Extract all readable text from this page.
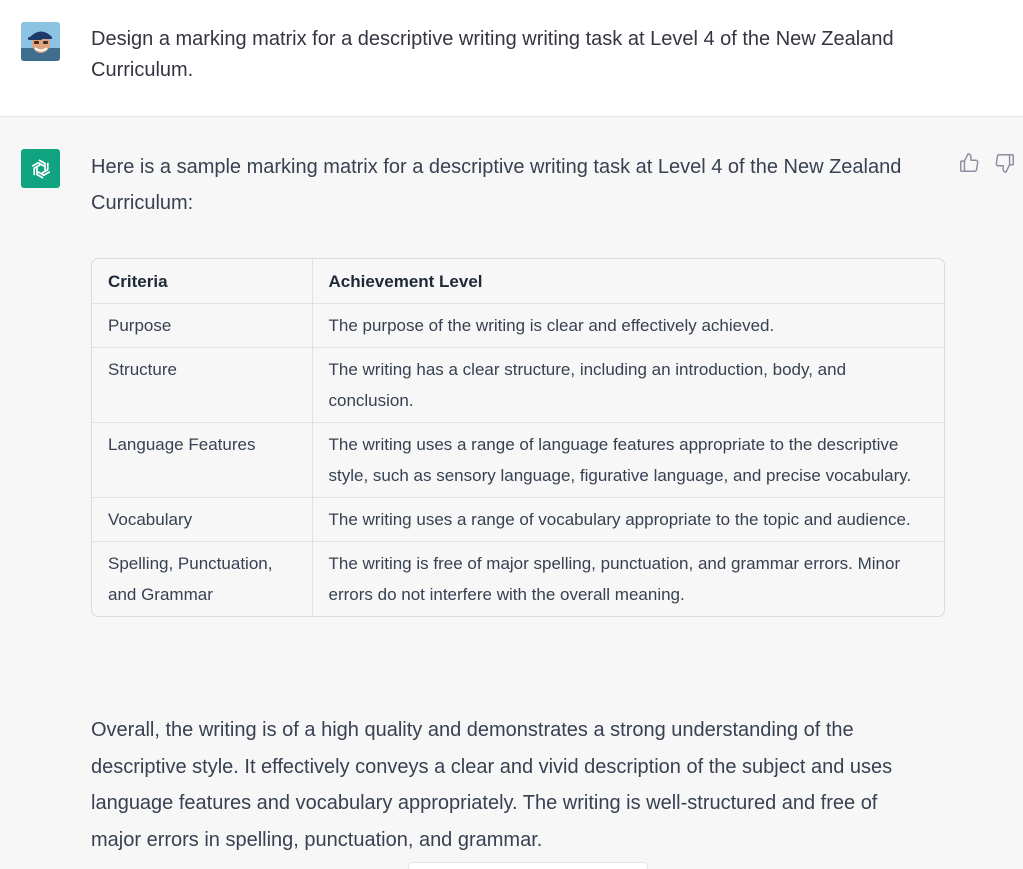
Design a marking matrix for a descriptive writing writing task at Level 4 of the New Zealand Curriculum.
Here is a sample marking matrix for a descriptive writing task at Level 4 of the New Zealand Curriculum:
Criteria	Achievement Level
Purpose	The purpose of the writing is clear and effectively achieved.
Structure	The writing has a clear structure, including an introduction, body, and conclusion.
Language Features	The writing uses a range of language features appropriate to the descriptive style, such as sensory language, figurative language, and precise vocabulary.
Vocabulary	The writing uses a range of vocabulary appropriate to the topic and audience.
Spelling, Punctuation, and Grammar	The writing is free of major spelling, punctuation, and grammar errors. Minor errors do not interfere with the overall meaning.
Overall, the writing is of a high quality and demonstrates a strong understanding of the descriptive style. It effectively conveys a clear and vivid description of the subject and uses language features and vocabulary appropriately. The writing is well-structured and free of major errors in spelling, punctuation, and grammar.
